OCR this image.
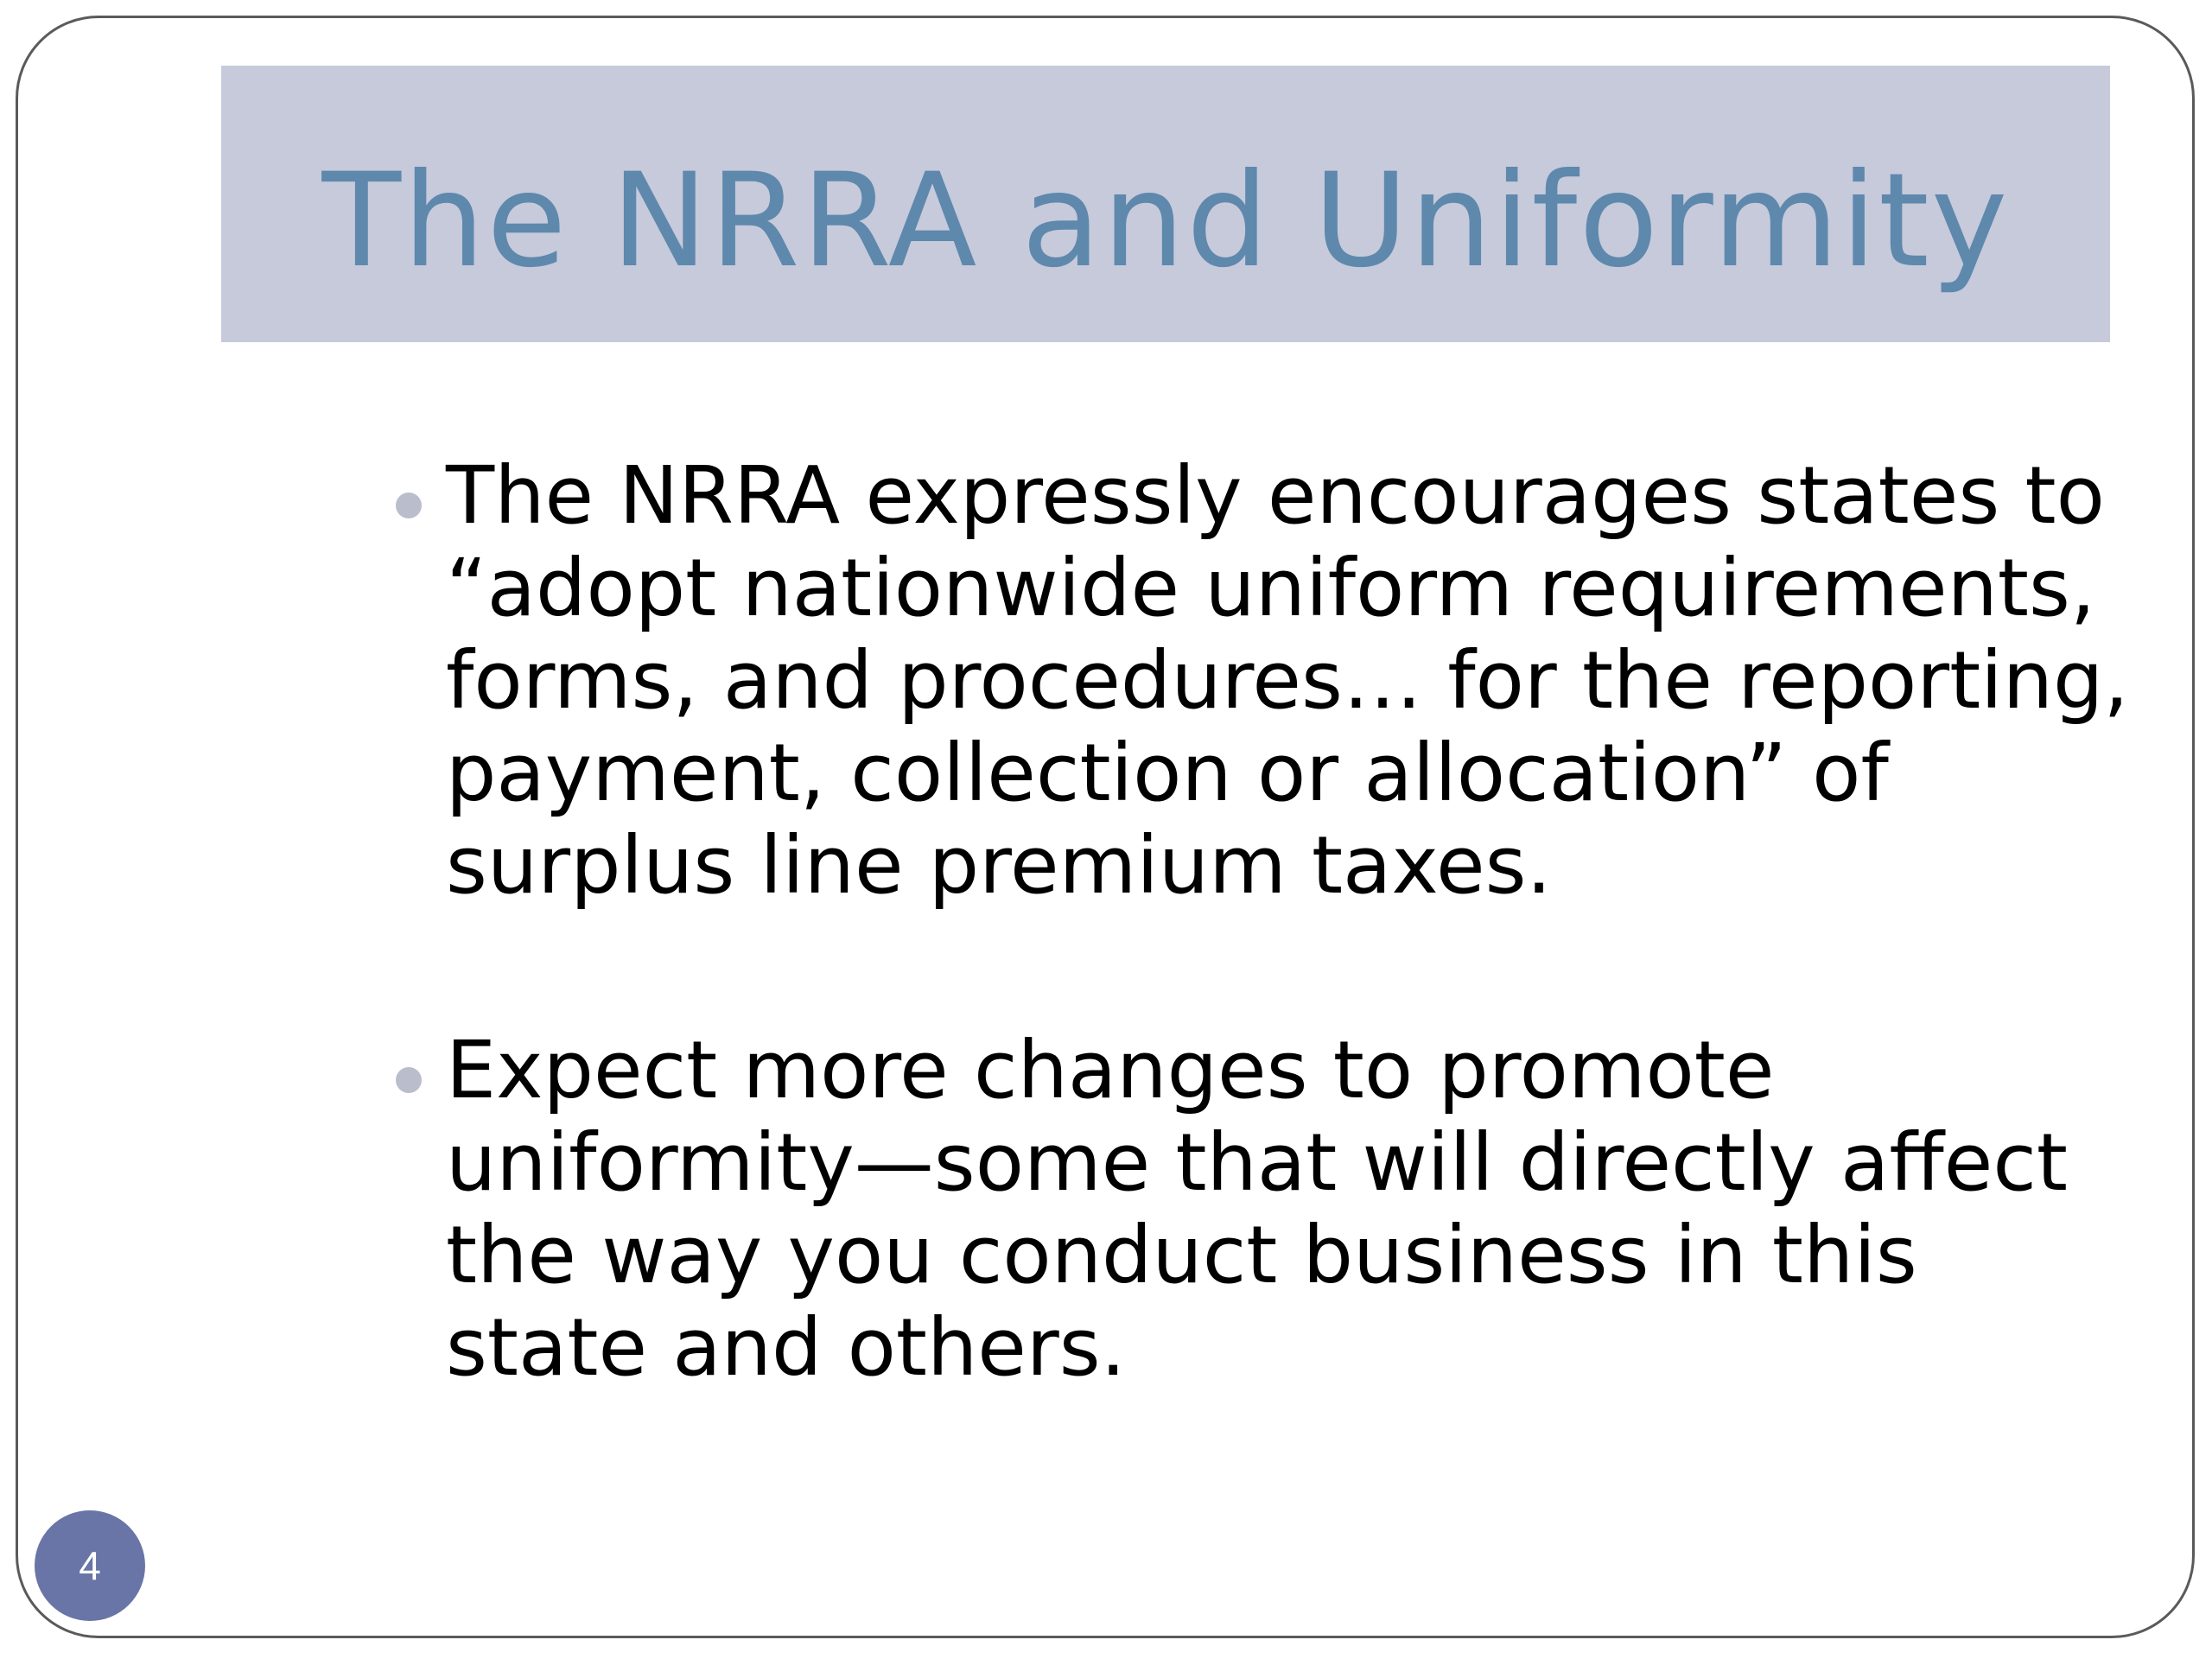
The NRRA and Uniformity
The NRRA expressly encourages states to “adopt nationwide uniform requirements, forms, and procedures… for the reporting, payment, collection or allocation” of surplus line premium taxes.
Expect more changes to promote uniformity—some that will directly affect the way you conduct business in this state and others.
4
